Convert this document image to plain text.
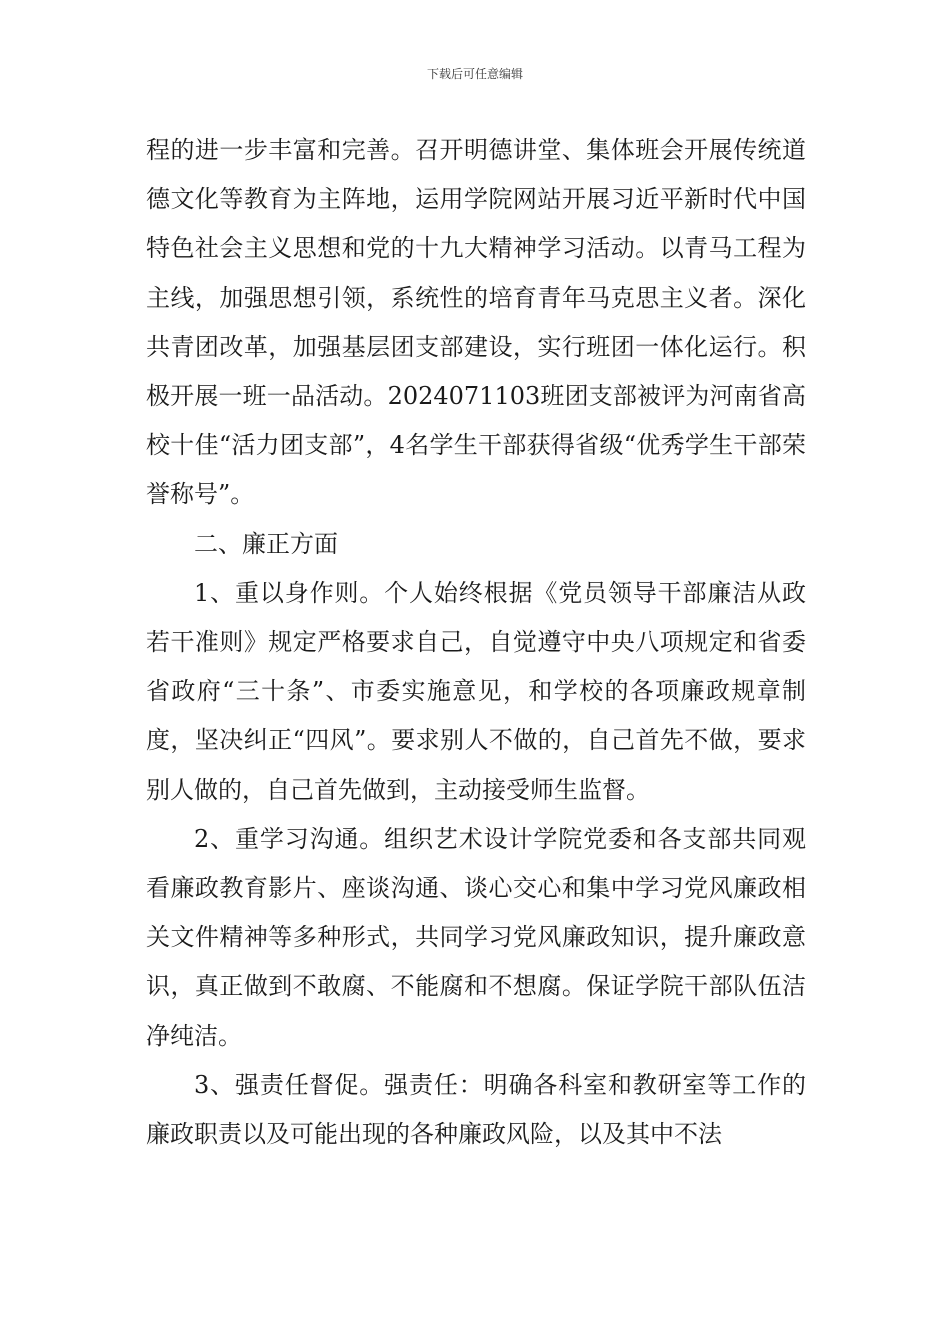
下载后可任意编辑

程的进一步丰富和完善。召开明德讲堂、集体班会开展传统道德文化等教育为主阵地，运用学院网站开展习近平新时代中国特色社会主义思想和党的十九大精神学习活动。以青马工程为主线，加强思想引领，系统性的培育青年马克思主义者。深化共青团改革，加强基层团支部建设，实行班团一体化运行。积极开展一班一品活动。2024071103班团支部被评为河南省高校十佳“活力团支部”，4名学生干部获得省级“优秀学生干部荣誉称号”。

二、廉正方面

1、重以身作则。个人始终根据《党员领导干部廉洁从政若干准则》规定严格要求自己，自觉遵守中央八项规定和省委省政府“三十条”、市委实施意见，和学校的各项廉政规章制度，坚决纠正“四风”。要求别人不做的，自己首先不做，要求别人做的，自己首先做到，主动接受师生监督。

2、重学习沟通。组织艺术设计学院党委和各支部共同观看廉政教育影片、座谈沟通、谈心交心和集中学习党风廉政相关文件精神等多种形式，共同学习党风廉政知识，提升廉政意识，真正做到不敢腐、不能腐和不想腐。保证学院干部队伍洁净纯洁。

3、强责任督促。强责任：明确各科室和教研室等工作的廉政职责以及可能出现的各种廉政风险，以及其中不法
